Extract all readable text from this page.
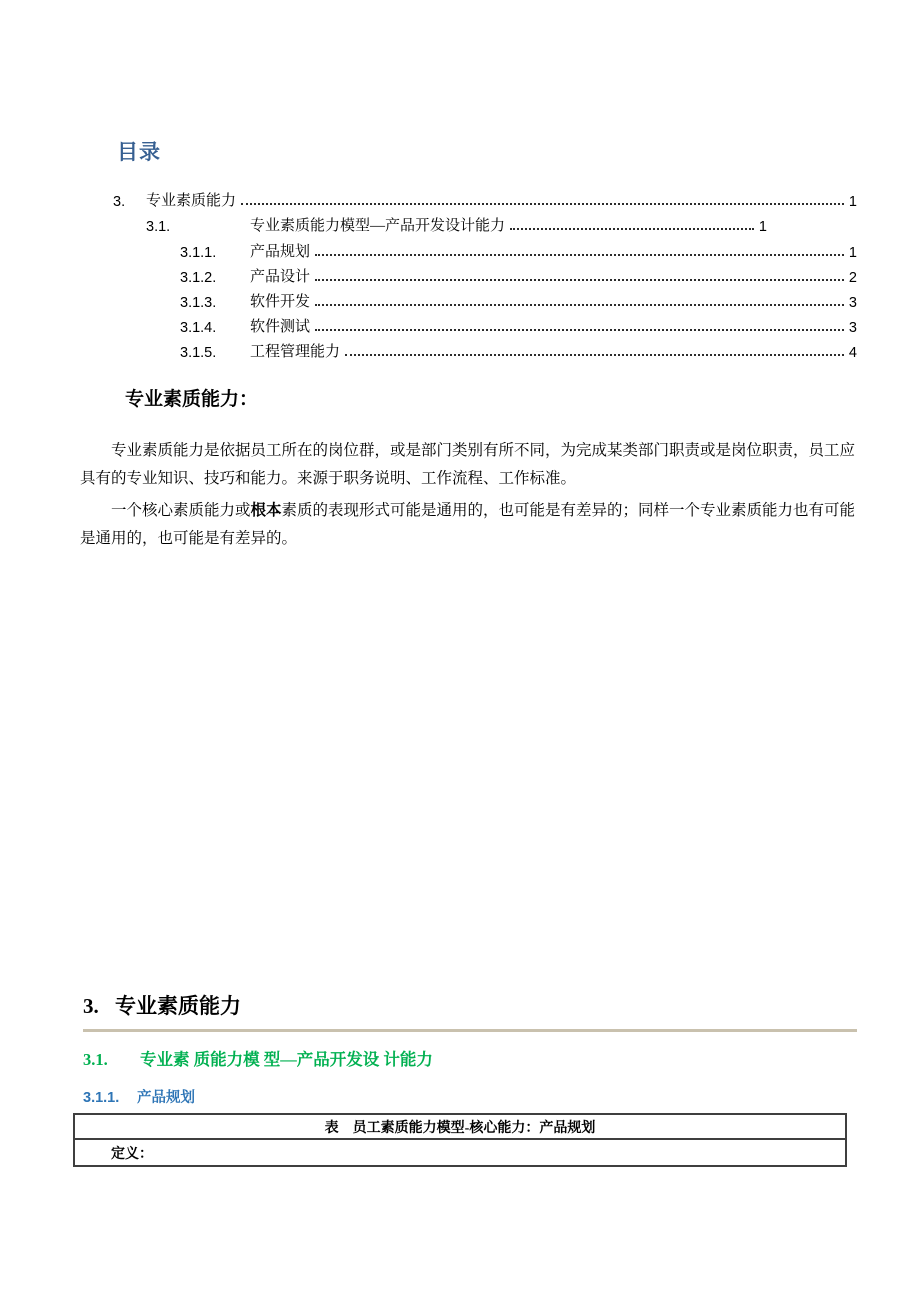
目录
3.	专业素质能力	1
3.1.	专业素质能力模型—产品开发设计能力	1
3.1.1.	产品规划	1
3.1.2.	产品设计	2
3.1.3.	软件开发	3
3.1.4.	软件测试	3
3.1.5.	工程管理能力	4
专业素质能力：

专业素质能力是依据员工所在的岗位群，或是部门类别有所不同，为完成某类部门职责或是岗位职责，员工应具有的专业知识、技巧和能力。来源于职务说明、工作流程、工作标准。

一个核心素质能力或根本素质的表现形式可能是通用的，也可能是有差异的；同样一个专业素质能力也有可能是通用的，也可能是有差异的。

3. 专业素质能力
3.1. 专业素 质能力模 型—产品开发设 计能力
3.1.1. 产品规划
表　员工素质能力模型-核心能力：产品规划
定义：
